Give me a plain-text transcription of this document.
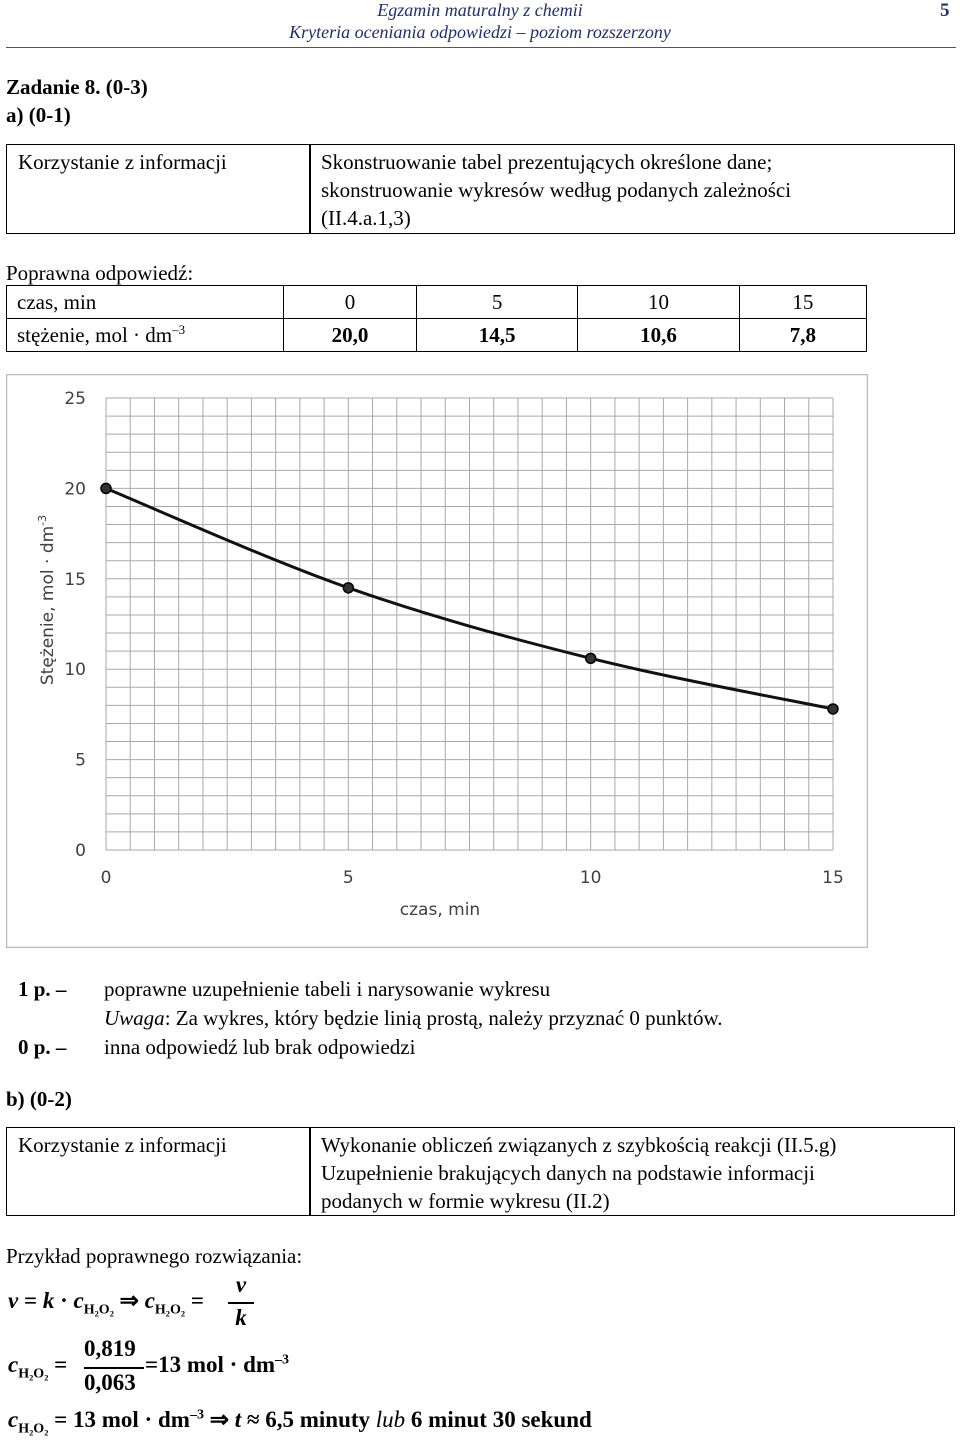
Egzamin maturalny z chemii
Kryteria oceniania odpowiedzi – poziom rozszerzony
5
Zadanie 8. (0-3)
a) (0-1)
Korzystanie z informacji	Skonstruowanie tabel prezentujących określone dane;
skonstruowanie wykresów według podanych zależności
(II.4.a.1,3)
Poprawna odpowiedź:
czas, min	0	5	10	15
stężenie, mol · $dm^{-3}$	20,0	14,5	10,6	7,8
0
5
10
15
20
25
0	5	10	15
czas, min
Stężenie, mol · $dm^{-3}$
1 p. – poprawne uzupełnienie tabeli i narysowanie wykresu
Uwaga: Za wykres, który będzie linią prostą, należy przyznać 0 punktów.
0 p. – inna odpowiedź lub brak odpowiedzi
b) (0-2)
Korzystanie z informacji	Wykonanie obliczeń związanych z szybkością reakcji (II.5.g)
Uzupełnienie brakujących danych na podstawie informacji
podanych w formie wykresu (II.2)
Przykład poprawnego rozwiązania:
$v = k \cdot c_{H_2O_2}$ ⇒ $c_{H_2O_2}$ =
v
k
$c_{H_2O_2}$ =
0,819
0,063
=13 mol · $dm^{-3}$
$c_{H_2O_2} = 13$ mol · $dm^{-3}$ ⇒ t ≈ 6,5 minuty lub 6 minut 30 sekund
